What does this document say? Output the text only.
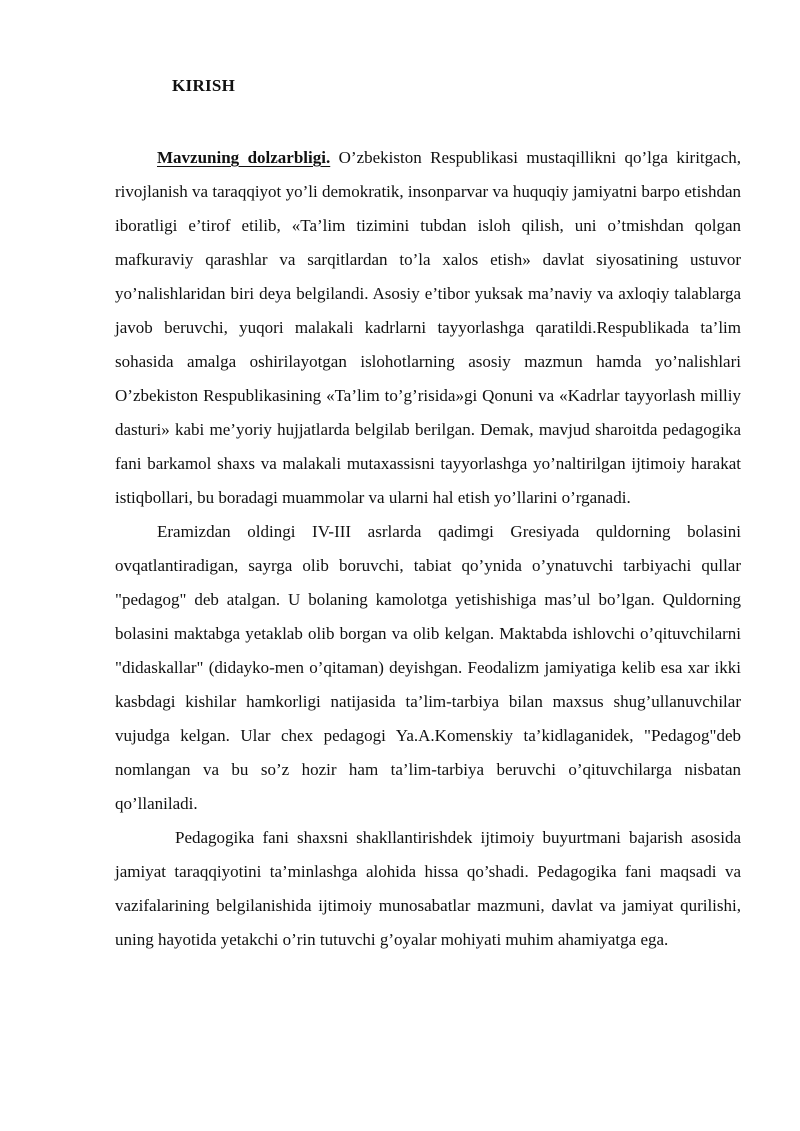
KIRISH

Mavzuning dolzarbligi. O’zbekiston Respublikasi mustaqillikni qo’lga kiritgach, rivojlanish va taraqqiyot yo’li demokratik, insonparvar va huquqiy jamiyatni barpo etishdan iboratligi e’tirof etilib, «Ta’lim tizimini tubdan isloh qilish, uni o’tmishdan qolgan mafkuraviy qarashlar va sarqitlardan to’la xalos etish» davlat siyosatining ustuvor yo’nalishlaridan biri deya belgilandi. Asosiy e’tibor yuksak ma’naviy va axloqiy talablarga javob beruvchi, yuqori malakali kadrlarni tayyorlashga qaratildi.Respublikada ta’lim sohasida amalga oshirilayotgan islohotlarning asosiy mazmun hamda yo’nalishlari O’zbekiston Respublikasining «Ta’lim to’g’risida»gi Qonuni va «Kadrlar tayyorlash milliy dasturi» kabi me’yoriy hujjatlarda belgilab berilgan. Demak, mavjud sharoitda pedagogika fani barkamol shaxs va malakali mutaxassisni tayyorlashga yo’naltirilgan ijtimoiy harakat istiqbollari, bu boradagi muammolar va ularni hal etish yo’llarini o’rganadi.

Eramizdan oldingi IV-III asrlarda qadimgi Gresiyada quldorning bolasini ovqatlantiradigan, sayrga olib boruvchi, tabiat qo’ynida o’ynatuvchi tarbiyachi qullar "pedagog" deb atalgan. U bolaning kamolotga yetishishiga mas’ul bo’lgan. Quldorning bolasini maktabga yetaklab olib borgan va olib kelgan. Maktabda ishlovchi o’qituvchilarni "didaskallar" (didayko-men o’qitaman) deyishgan. Feodalizm jamiyatiga kelib esa xar ikki kasbdagi kishilar hamkorligi natijasida ta’lim-tarbiya bilan maxsus shug’ullanuvchilar vujudga kelgan. Ular chex pedagogi Ya.A.Komenskiy ta’kidlaganidek, "Pedagog"deb nomlangan va bu so’z hozir ham ta’lim-tarbiya beruvchi o’qituvchilarga nisbatan qo’llaniladi.

Pedagogika fani shaxsni shakllantirishdek ijtimoiy buyurtmani bajarish asosida jamiyat taraqqiyotini ta’minlashga alohida hissa qo’shadi. Pedagogika fani maqsadi va vazifalarining belgilanishida ijtimoiy munosabatlar mazmuni, davlat va jamiyat qurilishi, uning hayotida yetakchi o’rin tutuvchi g’oyalar mohiyati muhim ahamiyatga ega.
